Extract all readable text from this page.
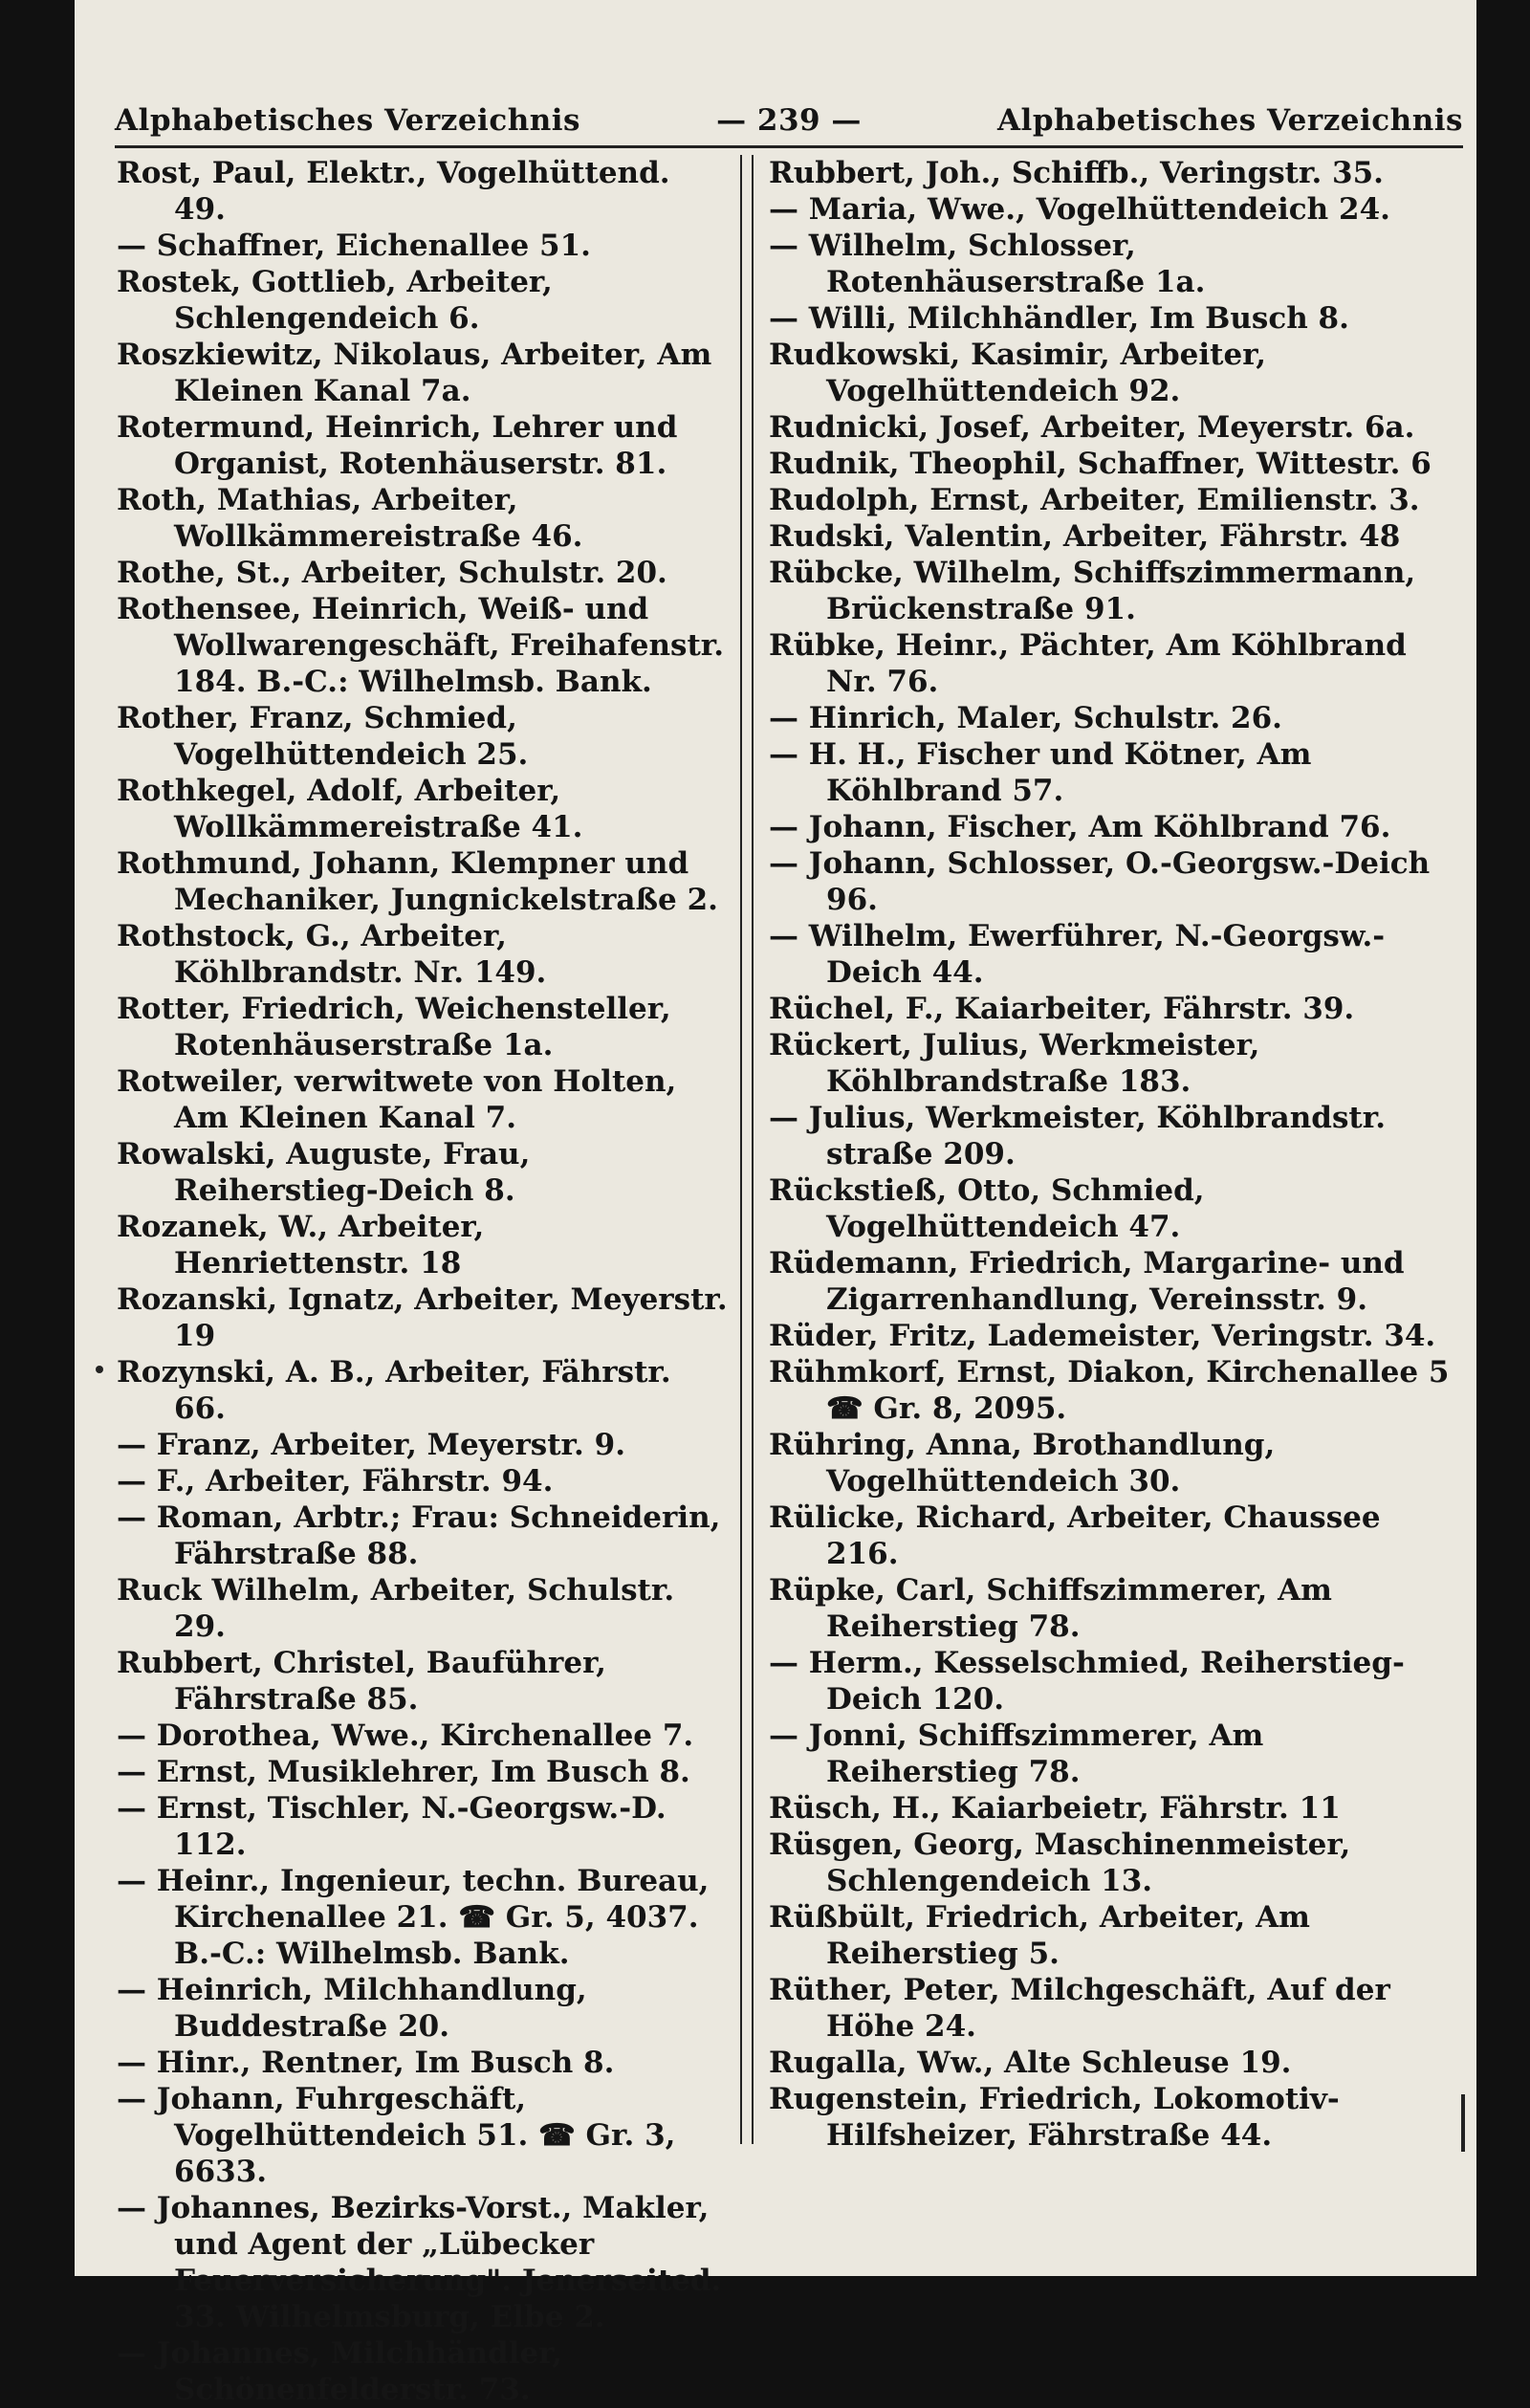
Alphabetisches Verzeichnis	— 239 —	Alphabetisches Verzeichnis

Rost, Paul, Elektr., Vogelhüttend. 49.

— Schaffner, Eichenallee 51.

Rostek, Gottlieb, Arbeiter, Schlengendeich 6.

Roszkiewitz, Nikolaus, Arbeiter, Am Kleinen Kanal 7a.

Rotermund, Heinrich, Lehrer und Organist, Rotenhäuserstr. 81.

Roth, Mathias, Arbeiter, Wollkämmereistraße 46.

Rothe, St., Arbeiter, Schulstr. 20.

Rothensee, Heinrich, Weiß- und Wollwarengeschäft, Freihafenstr. 184. B.-C.: Wilhelmsb. Bank.

Rother, Franz, Schmied, Vogelhüttendeich 25.

Rothkegel, Adolf, Arbeiter, Wollkämmereistraße 41.

Rothmund, Johann, Klempner und Mechaniker, Jungnickelstraße 2.

Rothstock, G., Arbeiter, Köhlbrandstr. Nr. 149.

Rotter, Friedrich, Weichensteller, Rotenhäuserstraße 1a.

Rotweiler, verwitwete von Holten, Am Kleinen Kanal 7.

Rowalski, Auguste, Frau, Reiherstieg-Deich 8.

Rozanek, W., Arbeiter, Henriettenstr. 18

Rozanski, Ignatz, Arbeiter, Meyerstr. 19

Rozynski, A. B., Arbeiter, Fährstr. 66.

— Franz, Arbeiter, Meyerstr. 9.

— F., Arbeiter, Fährstr. 94.

— Roman, Arbtr.; Frau: Schneiderin, Fährstraße 88.

Ruck Wilhelm, Arbeiter, Schulstr. 29.

Rubbert, Christel, Bauführer, Fährstraße 85.

— Dorothea, Wwe., Kirchenallee 7.

— Ernst, Musiklehrer, Im Busch 8.

— Ernst, Tischler, N.-Georgsw.-D. 112.

— Heinr., Ingenieur, techn. Bureau, Kirchenallee 21. ☎ Gr. 5, 4037. B.-C.: Wilhelmsb. Bank.

— Heinrich, Milchhandlung, Buddestraße 20.

— Hinr., Rentner, Im Busch 8.

— Johann, Fuhrgeschäft, Vogelhüttendeich 51. ☎ Gr. 3, 6633.

— Johannes, Bezirks-Vorst., Makler, und Agent der „Lübecker Feuerversicherung". Jenerseited. 33. Wilhelmsburg, Elbe 2.

— Johannes, Milchhändler, Schönenfelderstr. 73.

Rubbert, Joh., Schiffb., Veringstr. 35.

— Maria, Wwe., Vogelhüttendeich 24.

— Wilhelm, Schlosser, Rotenhäuserstraße 1a.

— Willi, Milchhändler, Im Busch 8.

Rudkowski, Kasimir, Arbeiter, Vogelhüttendeich 92.

Rudnicki, Josef, Arbeiter, Meyerstr. 6a.

Rudnik, Theophil, Schaffner, Wittestr. 6

Rudolph, Ernst, Arbeiter, Emilienstr. 3.

Rudski, Valentin, Arbeiter, Fährstr. 48

Rübcke, Wilhelm, Schiffszimmermann, Brückenstraße 91.

Rübke, Heinr., Pächter, Am Köhlbrand Nr. 76.

— Hinrich, Maler, Schulstr. 26.

— H. H., Fischer und Kötner, Am Köhlbrand 57.

— Johann, Fischer, Am Köhlbrand 76.

— Johann, Schlosser, O.-Georgsw.-Deich 96.

— Wilhelm, Ewerführer, N.-Georgsw.-Deich 44.

Rüchel, F., Kaiarbeiter, Fährstr. 39.

Rückert, Julius, Werkmeister, Köhlbrandstraße 183.

— Julius, Werkmeister, Köhlbrandstr. straße 209.

Rückstieß, Otto, Schmied, Vogelhüttendeich 47.

Rüdemann, Friedrich, Margarine- und Zigarrenhandlung, Vereinsstr. 9.

Rüder, Fritz, Lademeister, Veringstr. 34.

Rühmkorf, Ernst, Diakon, Kirchenallee 5 ☎ Gr. 8, 2095.

Rühring, Anna, Brothandlung, Vogelhüttendeich 30.

Rülicke, Richard, Arbeiter, Chaussee 216.

Rüpke, Carl, Schiffszimmerer, Am Reiherstieg 78.

— Herm., Kesselschmied, Reiherstieg-Deich 120.

— Jonni, Schiffszimmerer, Am Reiherstieg 78.

Rüsch, H., Kaiarbeietr, Fährstr. 11

Rüsgen, Georg, Maschinenmeister, Schlengendeich 13.

Rüßbült, Friedrich, Arbeiter, Am Reiherstieg 5.

Rüther, Peter, Milchgeschäft, Auf der Höhe 24.

Rugalla, Ww., Alte Schleuse 19.

Rugenstein, Friedrich, Lokomotiv-Hilfsheizer, Fährstraße 44.
